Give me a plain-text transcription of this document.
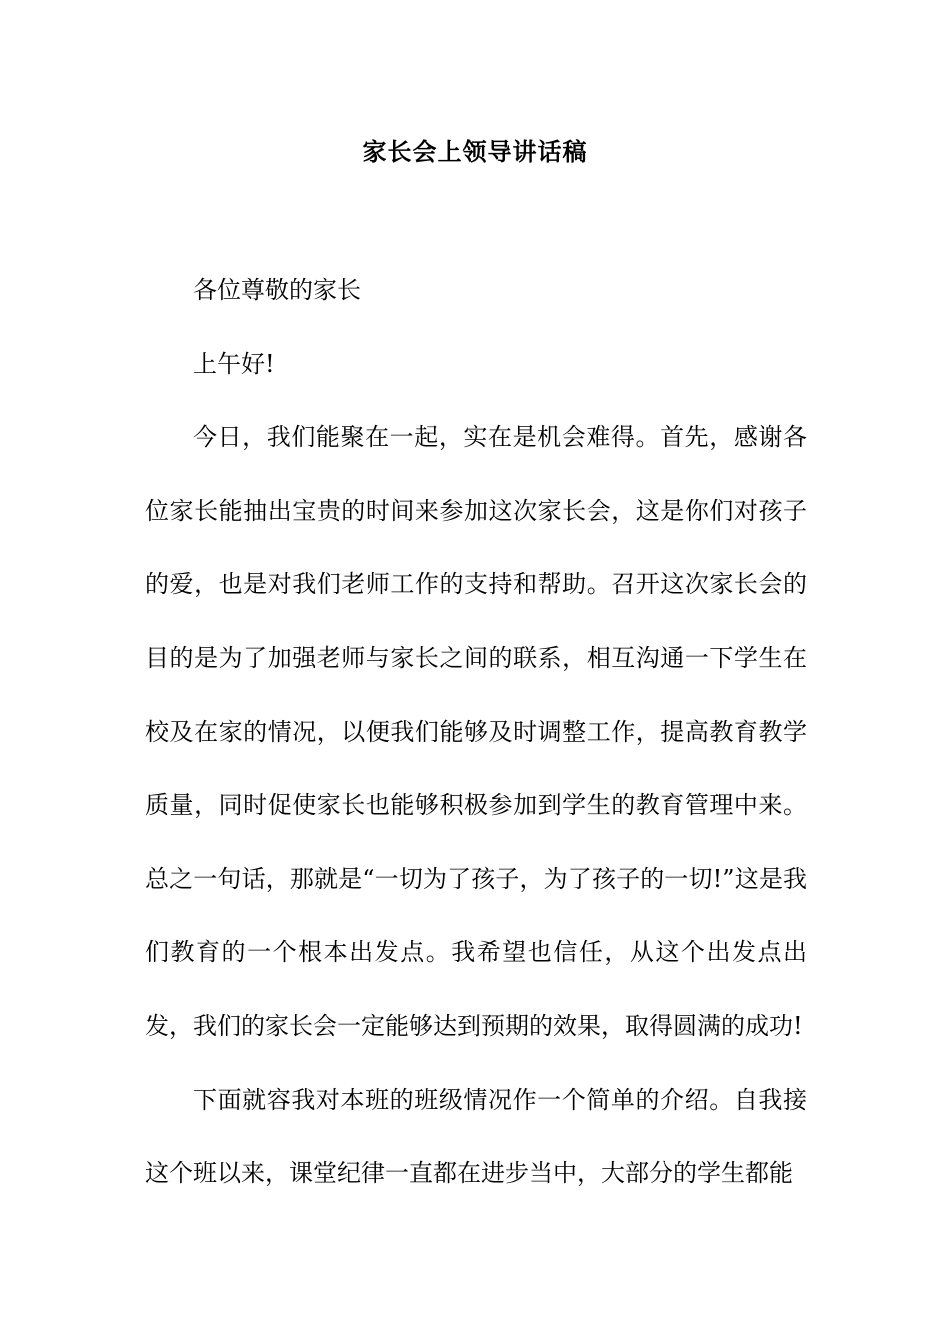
家长会上领导讲话稿

各位尊敬的家长

上午好!

今日，我们能聚在一起，实在是机会难得。首先，感谢各位家长能抽出宝贵的时间来参加这次家长会，这是你们对孩子的爱，也是对我们老师工作的支持和帮助。召开这次家长会的目的是为了加强老师与家长之间的联系，相互沟通一下学生在校及在家的情况，以便我们能够及时调整工作，提高教育教学质量，同时促使家长也能够积极参加到学生的教育管理中来。总之一句话，那就是“一切为了孩子，为了孩子的一切!”这是我们教育的一个根本出发点。我希望也信任，从这个出发点出发，我们的家长会一定能够达到预期的效果，取得圆满的成功!

下面就容我对本班的班级情况作一个简单的介绍。自我接这个班以来，课堂纪律一直都在进步当中，大部分的学生都能
